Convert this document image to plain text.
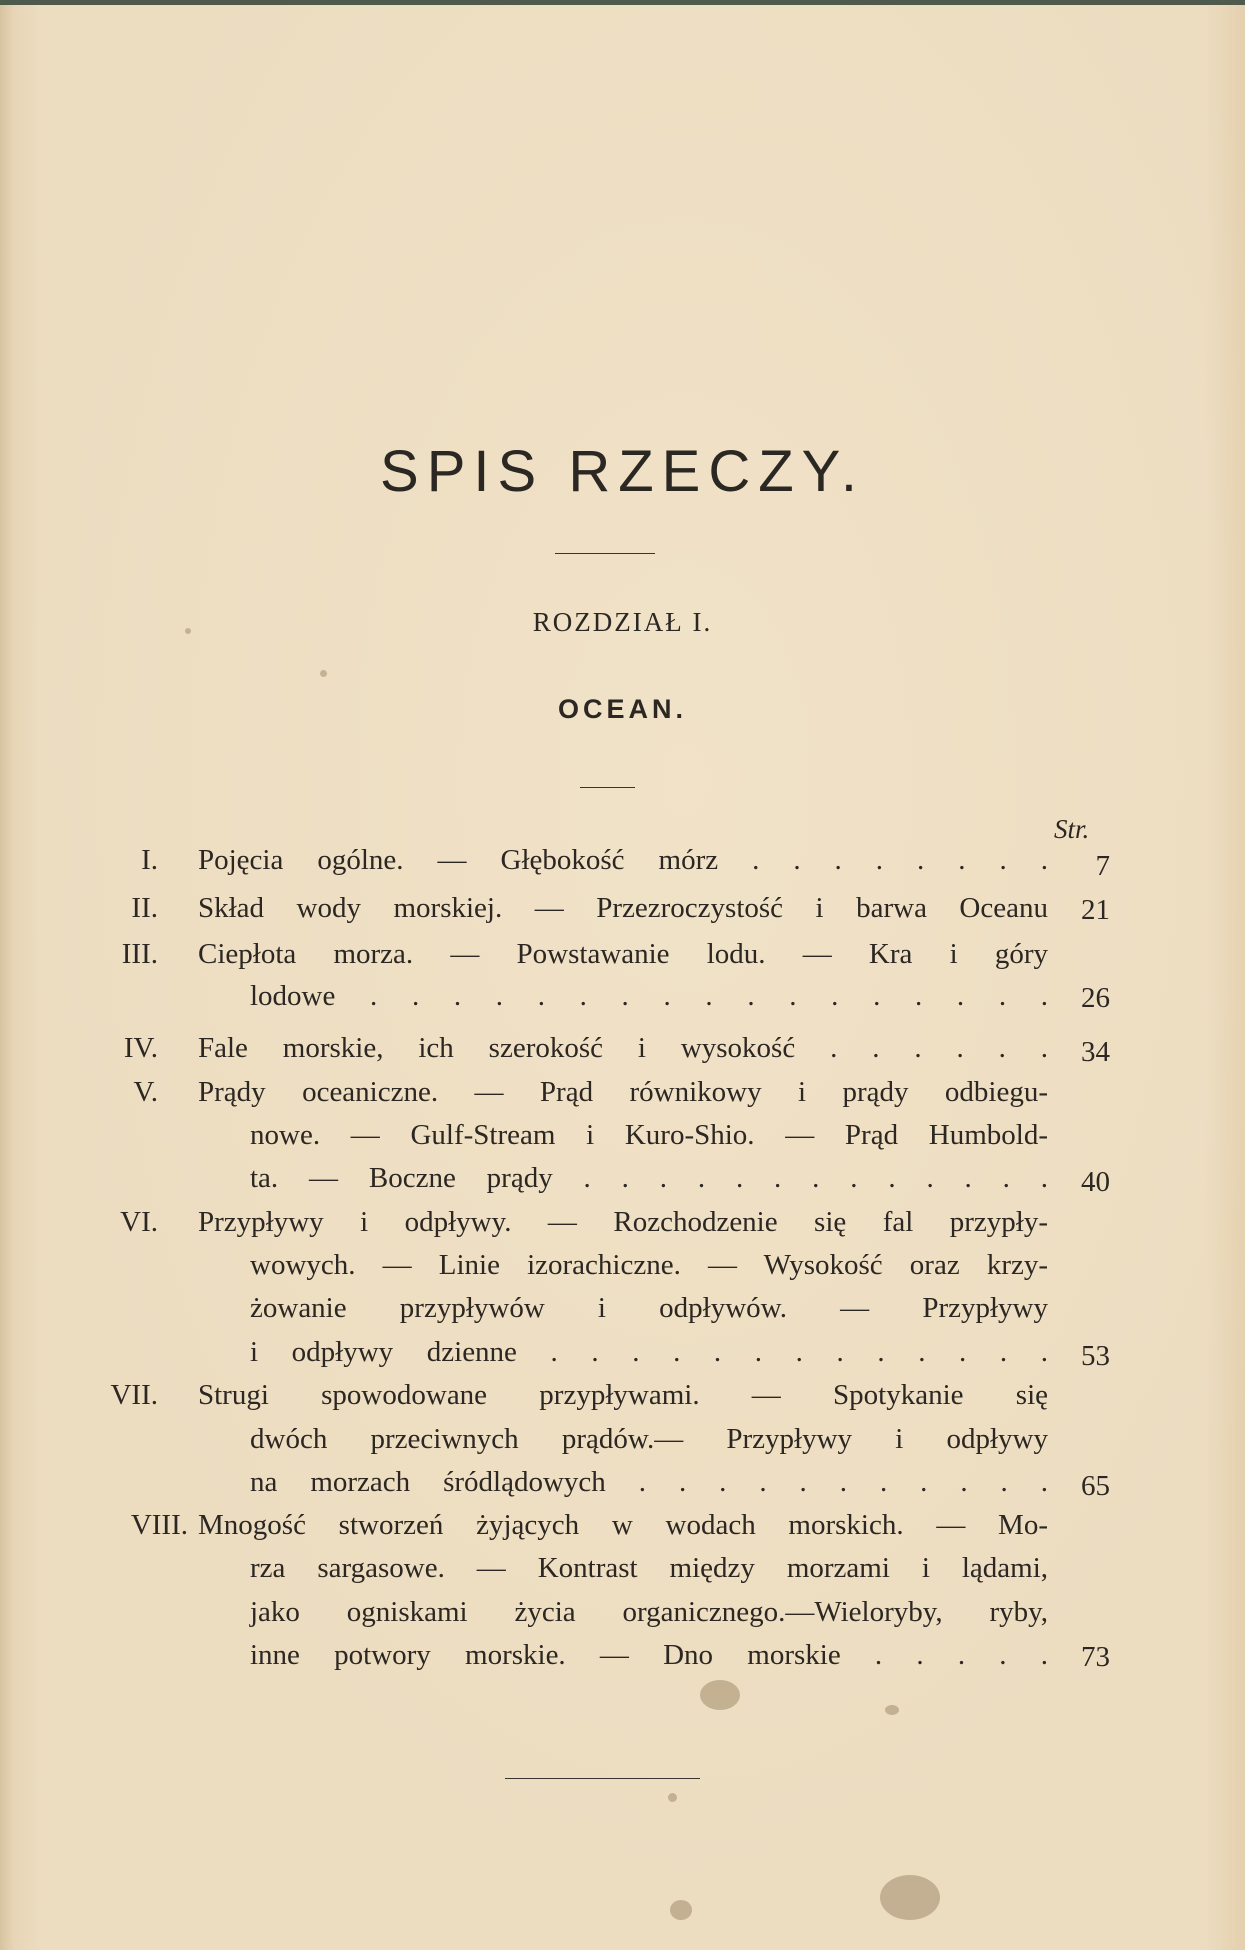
SPIS RZECZY.
ROZDZIAŁ I.
OCEAN.
Str.
I. Pojęcia ogólne. — Głębokość mórz . . . . . . . .	7
II. Skład wody morskiej. — Przezroczystość i barwa Oceanu	21
III. Ciepłota morza. — Powstawanie lodu. — Kra i góry
lodowe . . . . . . . . . . . . . . . . .	26
IV. Fale morskie, ich szerokość i wysokość . . . . . .	34
V. Prądy oceaniczne. — Prąd równikowy i prądy odbiegu-
nowe. — Gulf-Stream i Kuro-Shio. — Prąd Humbold-
ta. — Boczne prądy . . . . . . . . . . . . .	40
VI. Przypływy i odpływy. — Rozchodzenie się fal przypły-
wowych. — Linie izorachiczne. — Wysokość oraz krzy-
żowanie przypływów i odpływów. — Przypływy
i odpływy dzienne . . . . . . . . . . . . .	53
VII. Strugi spowodowane przypływami. — Spotykanie się
dwóch przeciwnych prądów.— Przypływy i odpływy
na morzach śródlądowych . . . . . . . . . . .	65
VIII. Mnogość stworzeń żyjących w wodach morskich. — Mo-
rza sargasowe. — Kontrast między morzami i lądami,
jako ogniskami życia organicznego.—Wieloryby, ryby,
inne potwory morskie. — Dno morskie . . . . .	73
